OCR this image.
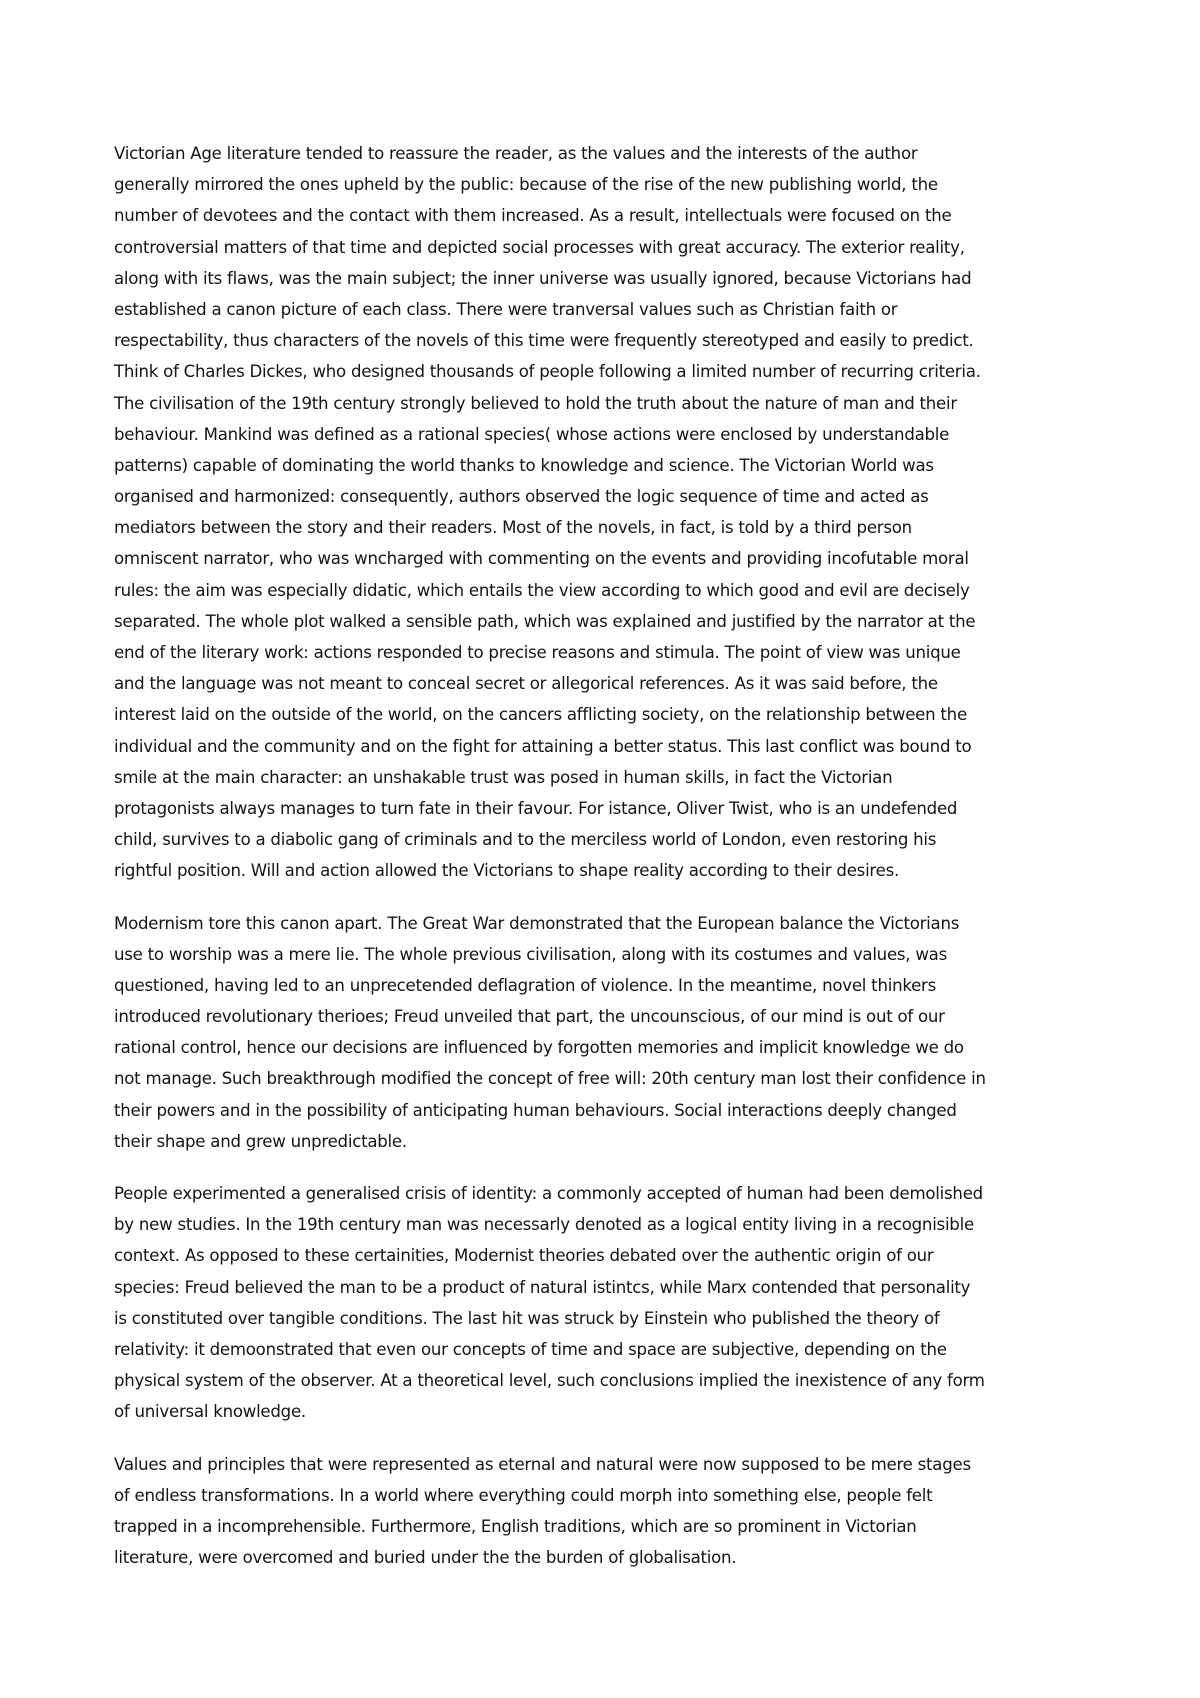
Victorian Age literature tended to reassure the reader, as the values and the interests of the author
generally mirrored the ones upheld by the public: because of the rise of the new publishing world, the
number of devotees and the contact with them increased. As a result, intellectuals were focused on the
controversial matters of that time and depicted social processes with great accuracy. The exterior reality,
along with its flaws, was the main subject; the inner universe was usually ignored, because Victorians had
established a canon picture of each class. There were tranversal values such as Christian faith or
respectability, thus characters of the novels of this time were frequently stereotyped and easily to predict.
Think of Charles Dickes, who designed thousands of people following a limited number of recurring criteria.
The civilisation of the 19th century strongly believed to hold the truth about the nature of man and their
behaviour. Mankind was defined as a rational species( whose actions were enclosed by understandable
patterns) capable of dominating the world thanks to knowledge and science. The Victorian World was
organised and harmonized: consequently, authors observed the logic sequence of time and acted as
mediators between the story and their readers. Most of the novels, in fact, is told by a third person
omniscent narrator, who was wncharged with commenting on the events and providing incofutable moral
rules: the aim was especially didatic, which entails the view according to which good and evil are decisely
separated. The whole plot walked a sensible path, which was explained and justified by the narrator at the
end of the literary work: actions responded to precise reasons and stimula. The point of view was unique
and the language was not meant to conceal secret or allegorical references. As it was said before, the
interest laid on the outside of the world, on the cancers afflicting society, on the relationship between the
individual and the community and on the fight for attaining a better status. This last conflict was bound to
smile at the main character: an unshakable trust was posed in human skills, in fact the Victorian
protagonists always manages to turn fate in their favour. For istance, Oliver Twist, who is an undefended
child, survives to a diabolic gang of criminals and to the merciless world of London, even restoring his
rightful position. Will and action allowed the Victorians to shape reality according to their desires.
Modernism tore this canon apart. The Great War demonstrated that the European balance the Victorians
use to worship was a mere lie. The whole previous civilisation, along with its costumes and values, was
questioned, having led to an unprecetended deflagration of violence. In the meantime, novel thinkers
introduced revolutionary therioes; Freud unveiled that part, the uncounscious, of our mind is out of our
rational control, hence our decisions are influenced by forgotten memories and implicit knowledge we do
not manage. Such breakthrough modified the concept of free will: 20th century man lost their confidence in
their powers and in the possibility of anticipating human behaviours. Social interactions deeply changed
their shape and grew unpredictable.
People experimented a generalised crisis of identity: a commonly accepted of human had been demolished
by new studies. In the 19th century man was necessarly denoted as a logical entity living in a recognisible
context. As opposed to these certainities, Modernist theories debated over the authentic origin of our
species: Freud believed the man to be a product of natural istintcs, while Marx contended that personality
is constituted over tangible conditions. The last hit was struck by Einstein who published the theory of
relativity: it demoonstrated that even our concepts of time and space are subjective, depending on the
physical system of the observer. At a theoretical level, such conclusions implied the inexistence of any form
of universal knowledge.
Values and principles that were represented as eternal and natural were now supposed to be mere stages
of endless transformations. In a world where everything could morph into something else, people felt
trapped in a incomprehensible. Furthermore, English traditions, which are so prominent in Victorian
literature, were overcomed and buried under the the burden of globalisation.
